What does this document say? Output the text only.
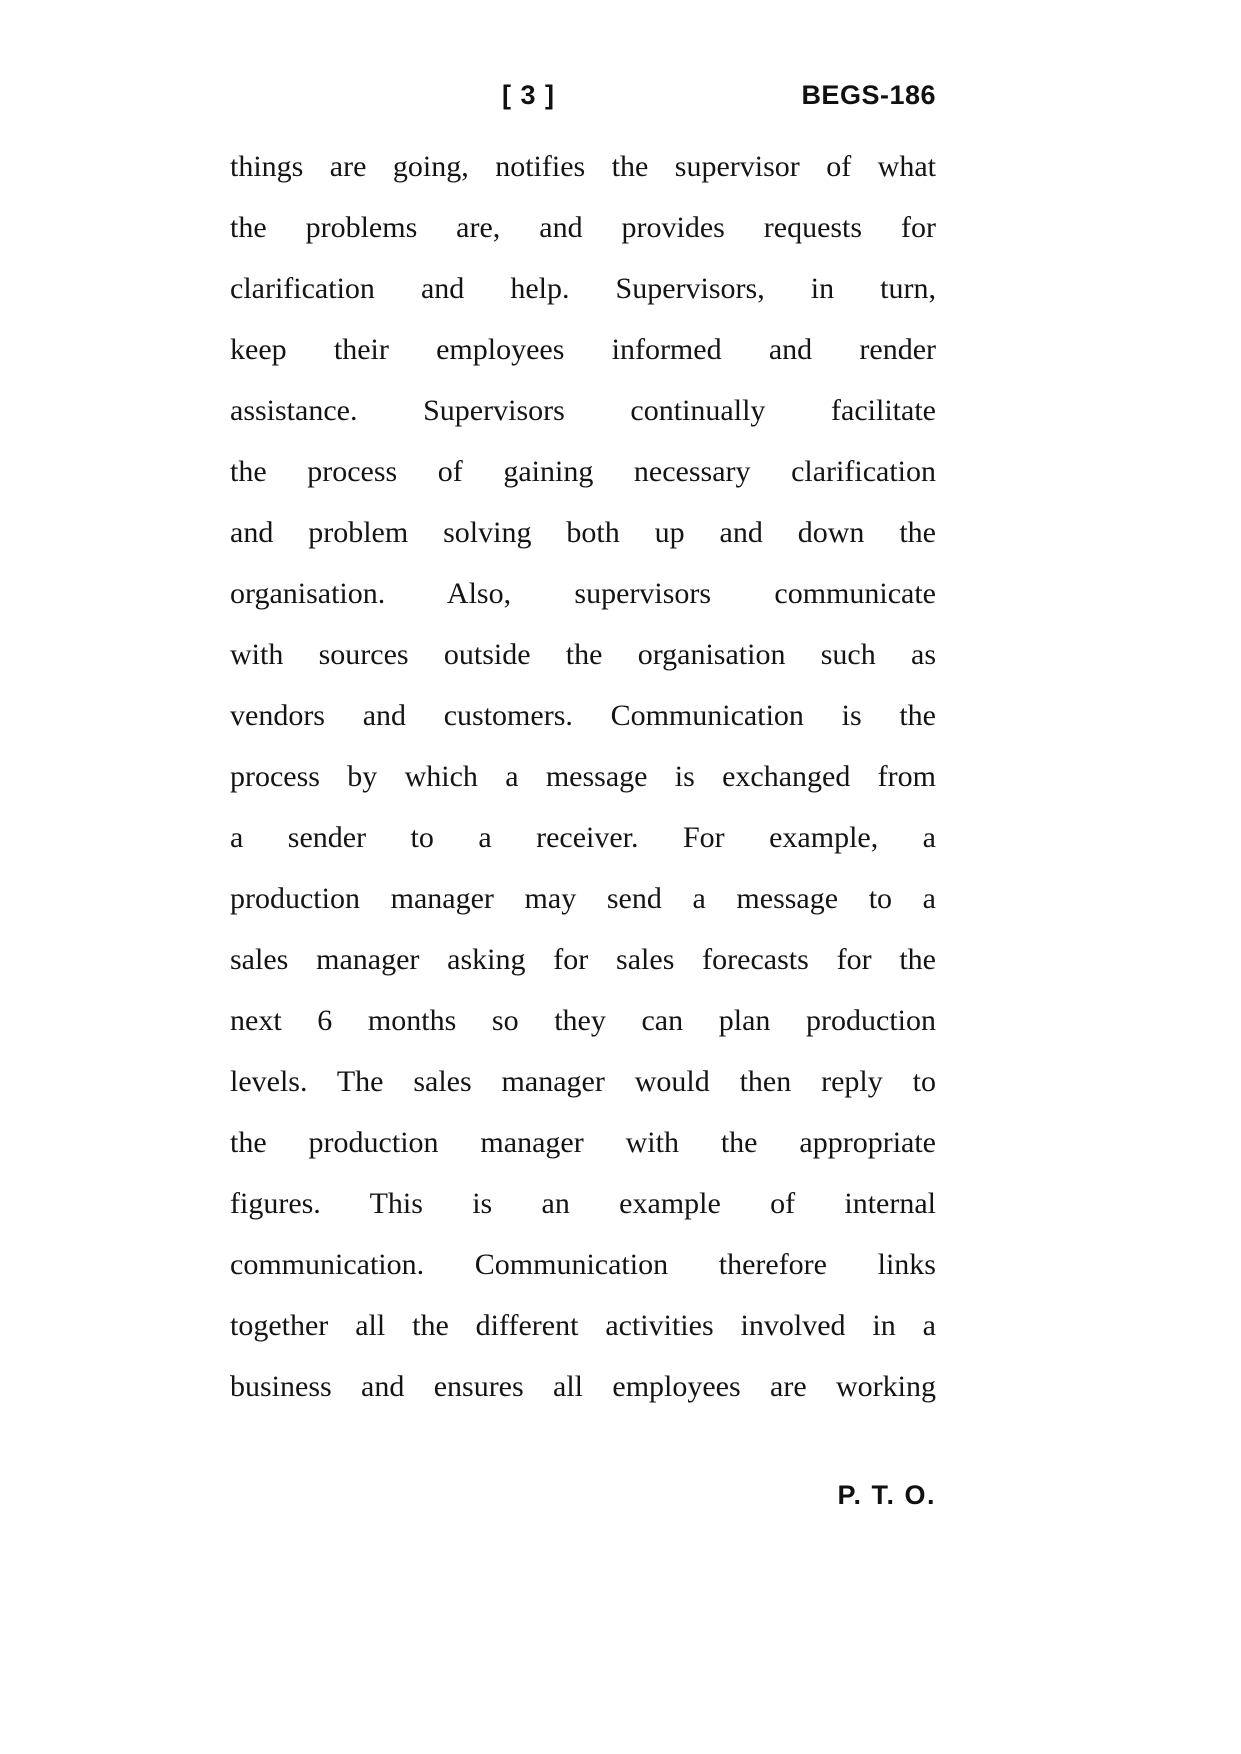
[ 3 ]	BEGS-186
things are going, notifies the supervisor of what
the problems are, and provides requests for
clarification and help. Supervisors, in turn,
keep their employees informed and render
assistance. Supervisors continually facilitate
the process of gaining necessary clarification
and problem solving both up and down the
organisation. Also, supervisors communicate
with sources outside the organisation such as
vendors and customers. Communication is the
process by which a message is exchanged from
a sender to a receiver. For example, a
production manager may send a message to a
sales manager asking for sales forecasts for the
next 6 months so they can plan production
levels. The sales manager would then reply to
the production manager with the appropriate
figures. This is an example of internal
communication. Communication therefore links
together all the different activities involved in a
business and ensures all employees are working
P. T. O.
